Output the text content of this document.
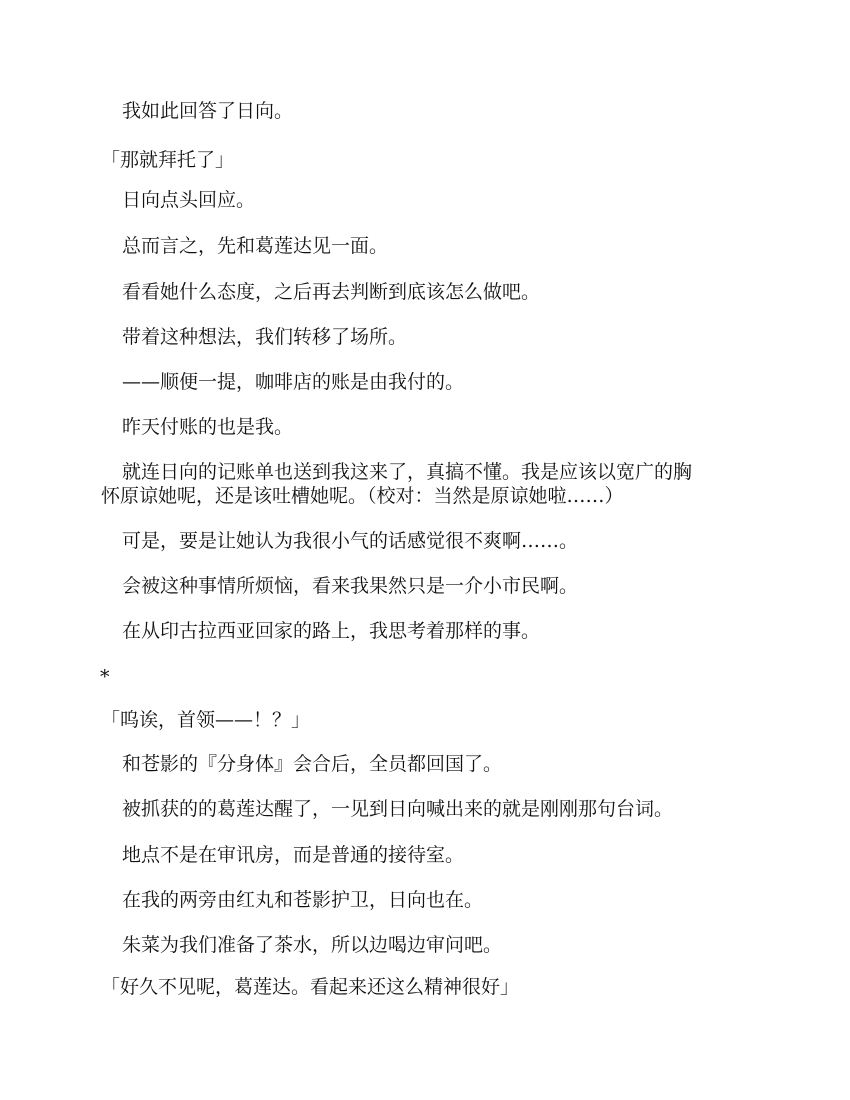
我如此回答了日向。

「那就拜托了」

日向点头回应。

总而言之，先和葛莲达见一面。

看看她什么态度，之后再去判断到底该怎么做吧。

带着这种想法，我们转移了场所。

——顺便一提，咖啡店的账是由我付的。

昨天付账的也是我。

就连日向的记账单也送到我这来了，真搞不懂。我是应该以宽广的胸
怀原谅她呢，还是该吐槽她呢。（校对：当然是原谅她啦……）

可是，要是让她认为我很小气的话感觉很不爽啊……。

会被这种事情所烦恼，看来我果然只是一介小市民啊。

在从印古拉西亚回家的路上，我思考着那样的事。

*

「呜诶，首领——！？」

和苍影的『分身体』会合后，全员都回国了。

被抓获的的葛莲达醒了，一见到日向喊出来的就是刚刚那句台词。

地点不是在审讯房，而是普通的接待室。

在我的两旁由红丸和苍影护卫，日向也在。

朱菜为我们准备了茶水，所以边喝边审问吧。

「好久不见呢，葛莲达。看起来还这么精神很好」
